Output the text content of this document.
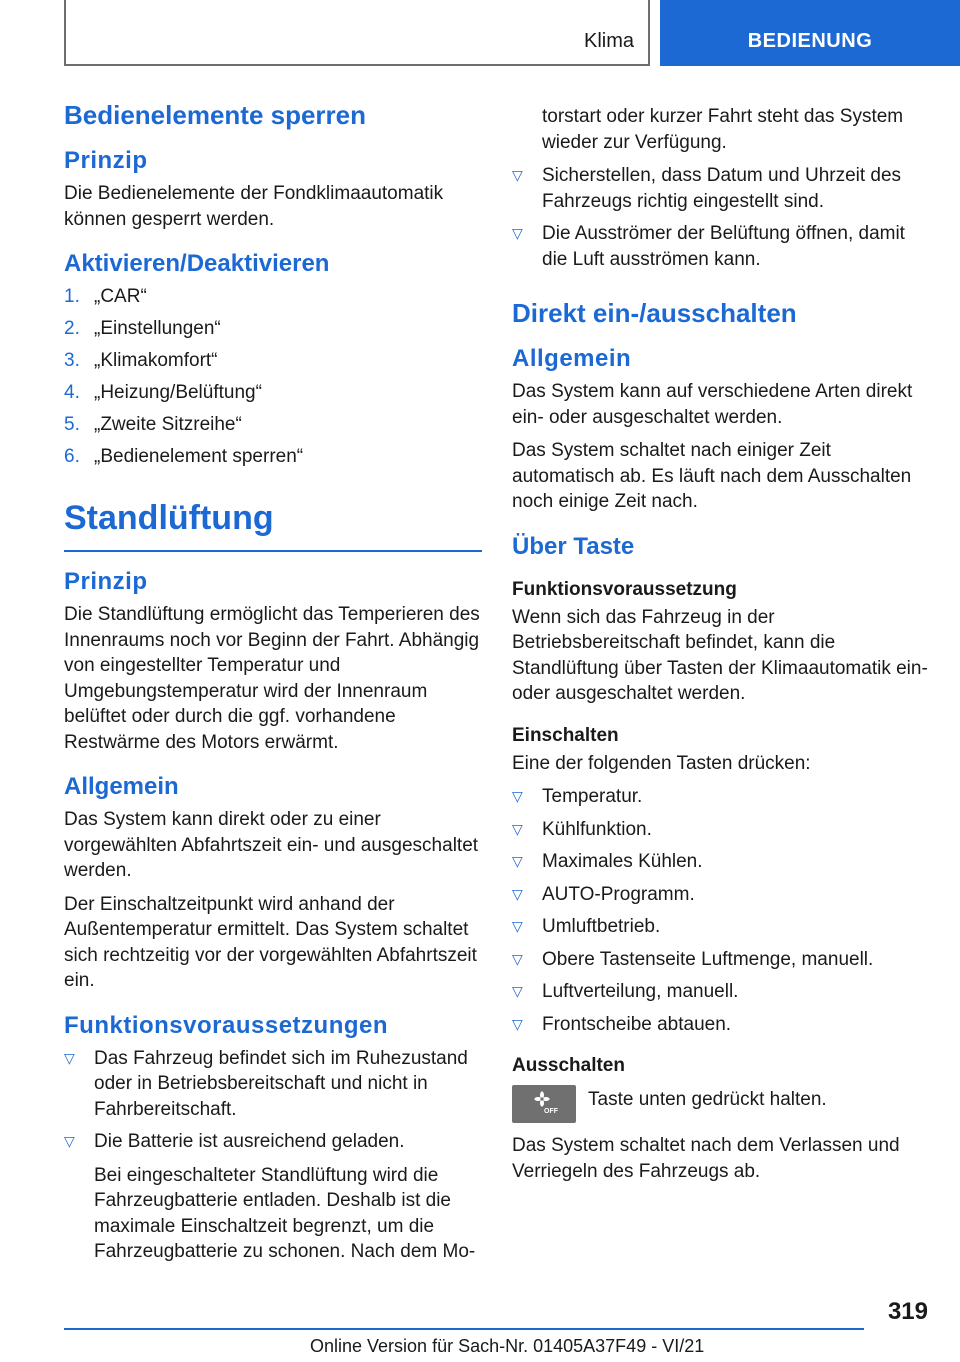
Klima	BEDIENUNG
Bedienelemente sperren
Prinzip

Die Bedienelemente der Fondklimaautomatik können gesperrt werden.

Aktivieren/Deaktivieren
1. „CAR“
2. „Einstellungen“
3. „Klimakomfort“
4. „Heizung/Belüftung“
5. „Zweite Sitzreihe“
6. „Bedienelement sperren“
Standlüftung
Prinzip

Die Standlüftung ermöglicht das Temperieren des Innenraums noch vor Beginn der Fahrt. Abhängig von eingestellter Temperatur und Umgebungstemperatur wird der Innenraum belüftet oder durch die ggf. vorhandene Restwärme des Motors erwärmt.

Allgemein

Das System kann direkt oder zu einer vorgewählten Abfahrtszeit ein- und ausgeschaltet werden.

Der Einschaltzeitpunkt wird anhand der Außentemperatur ermittelt. Das System schaltet sich rechtzeitig vor der vorgewählten Abfahrtszeit ein.

Funktionsvoraussetzungen
▽ Das Fahrzeug befindet sich im Ruhezustand oder in Betriebsbereitschaft und nicht in Fahrbereitschaft.
▽ Die Batterie ist ausreichend geladen.
Bei eingeschalteter Standlüftung wird die Fahrzeugbatterie entladen. Deshalb ist die maximale Einschaltzeit begrenzt, um die Fahrzeugbatterie zu schonen. Nach dem Mo-

torstart oder kurzer Fahrt steht das System wieder zur Verfügung.

▽ Sicherstellen, dass Datum und Uhrzeit des Fahrzeugs richtig eingestellt sind.
▽ Die Ausströmer der Belüftung öffnen, damit die Luft ausströmen kann.
Direkt ein-/ausschalten
Allgemein

Das System kann auf verschiedene Arten direkt ein- oder ausgeschaltet werden.

Das System schaltet nach einiger Zeit automatisch ab. Es läuft nach dem Ausschalten noch einige Zeit nach.

Über Taste
Funktionsvoraussetzung

Wenn sich das Fahrzeug in der Betriebsbereitschaft befindet, kann die Standlüftung über Tasten der Klimaautomatik ein- oder ausgeschaltet werden.

Einschalten

Eine der folgenden Tasten drücken:

▽ Temperatur.
▽ Kühlfunktion.
▽ Maximales Kühlen.
▽ AUTO-Programm.
▽ Umluftbetrieb.
▽ Obere Tastenseite Luftmenge, manuell.
▽ Luftverteilung, manuell.
▽ Frontscheibe abtauen.
Ausschalten
OFF

Taste unten gedrückt halten.

Das System schaltet nach dem Verlassen und Verriegeln des Fahrzeugs ab.

319
Online Version für Sach-Nr. 01405A37F49 - VI/21
